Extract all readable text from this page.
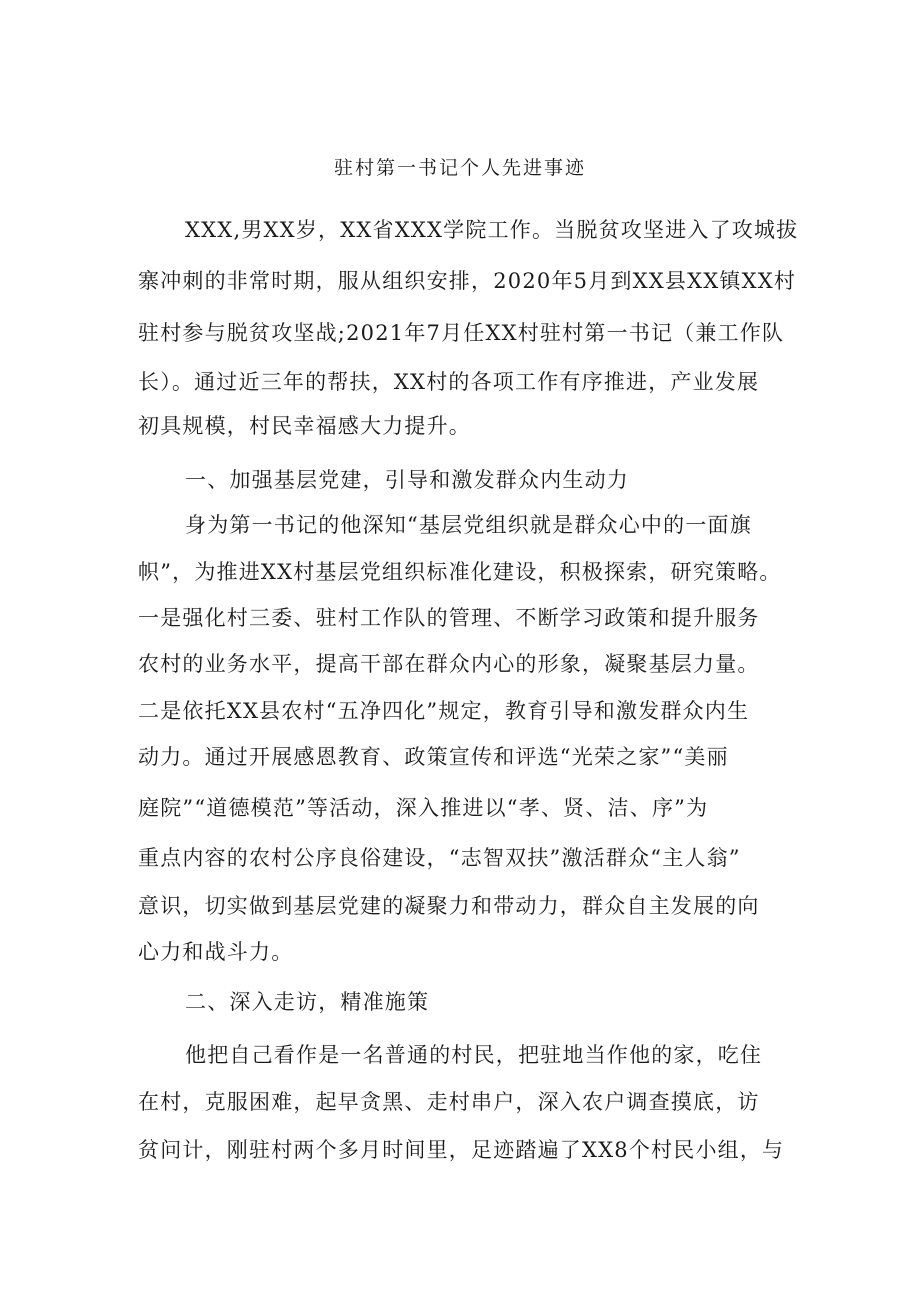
驻村第一书记个人先进事迹
XXX,男XX岁，XX省XXX学院工作。当脱贫攻坚进入了攻城拔
寨冲刺的非常时期，服从组织安排，2020年5月到XX县XX镇XX村
驻村参与脱贫攻坚战;2021年7月任XX村驻村第一书记（兼工作队
长）。通过近三年的帮扶，XX村的各项工作有序推进，产业发展
初具规模，村民幸福感大力提升。
一、加强基层党建，引导和激发群众内生动力
身为第一书记的他深知“基层党组织就是群众心中的一面旗
帜”，为推进XX村基层党组织标准化建设，积极探索，研究策略。
一是强化村三委、驻村工作队的管理、不断学习政策和提升服务
农村的业务水平，提高干部在群众内心的形象，凝聚基层力量。
二是依托XX县农村“五净四化”规定，教育引导和激发群众内生
动力。通过开展感恩教育、政策宣传和评选“光荣之家”“美丽
庭院”“道德模范”等活动，深入推进以“孝、贤、洁、序”为
重点内容的农村公序良俗建设，“志智双扶”激活群众“主人翁”
意识，切实做到基层党建的凝聚力和带动力，群众自主发展的向
心力和战斗力。
二、深入走访，精准施策
他把自己看作是一名普通的村民，把驻地当作他的家，吃住
在村，克服困难，起早贪黑、走村串户，深入农户调查摸底，访
贫问计，刚驻村两个多月时间里，足迹踏遍了XX8个村民小组，与
